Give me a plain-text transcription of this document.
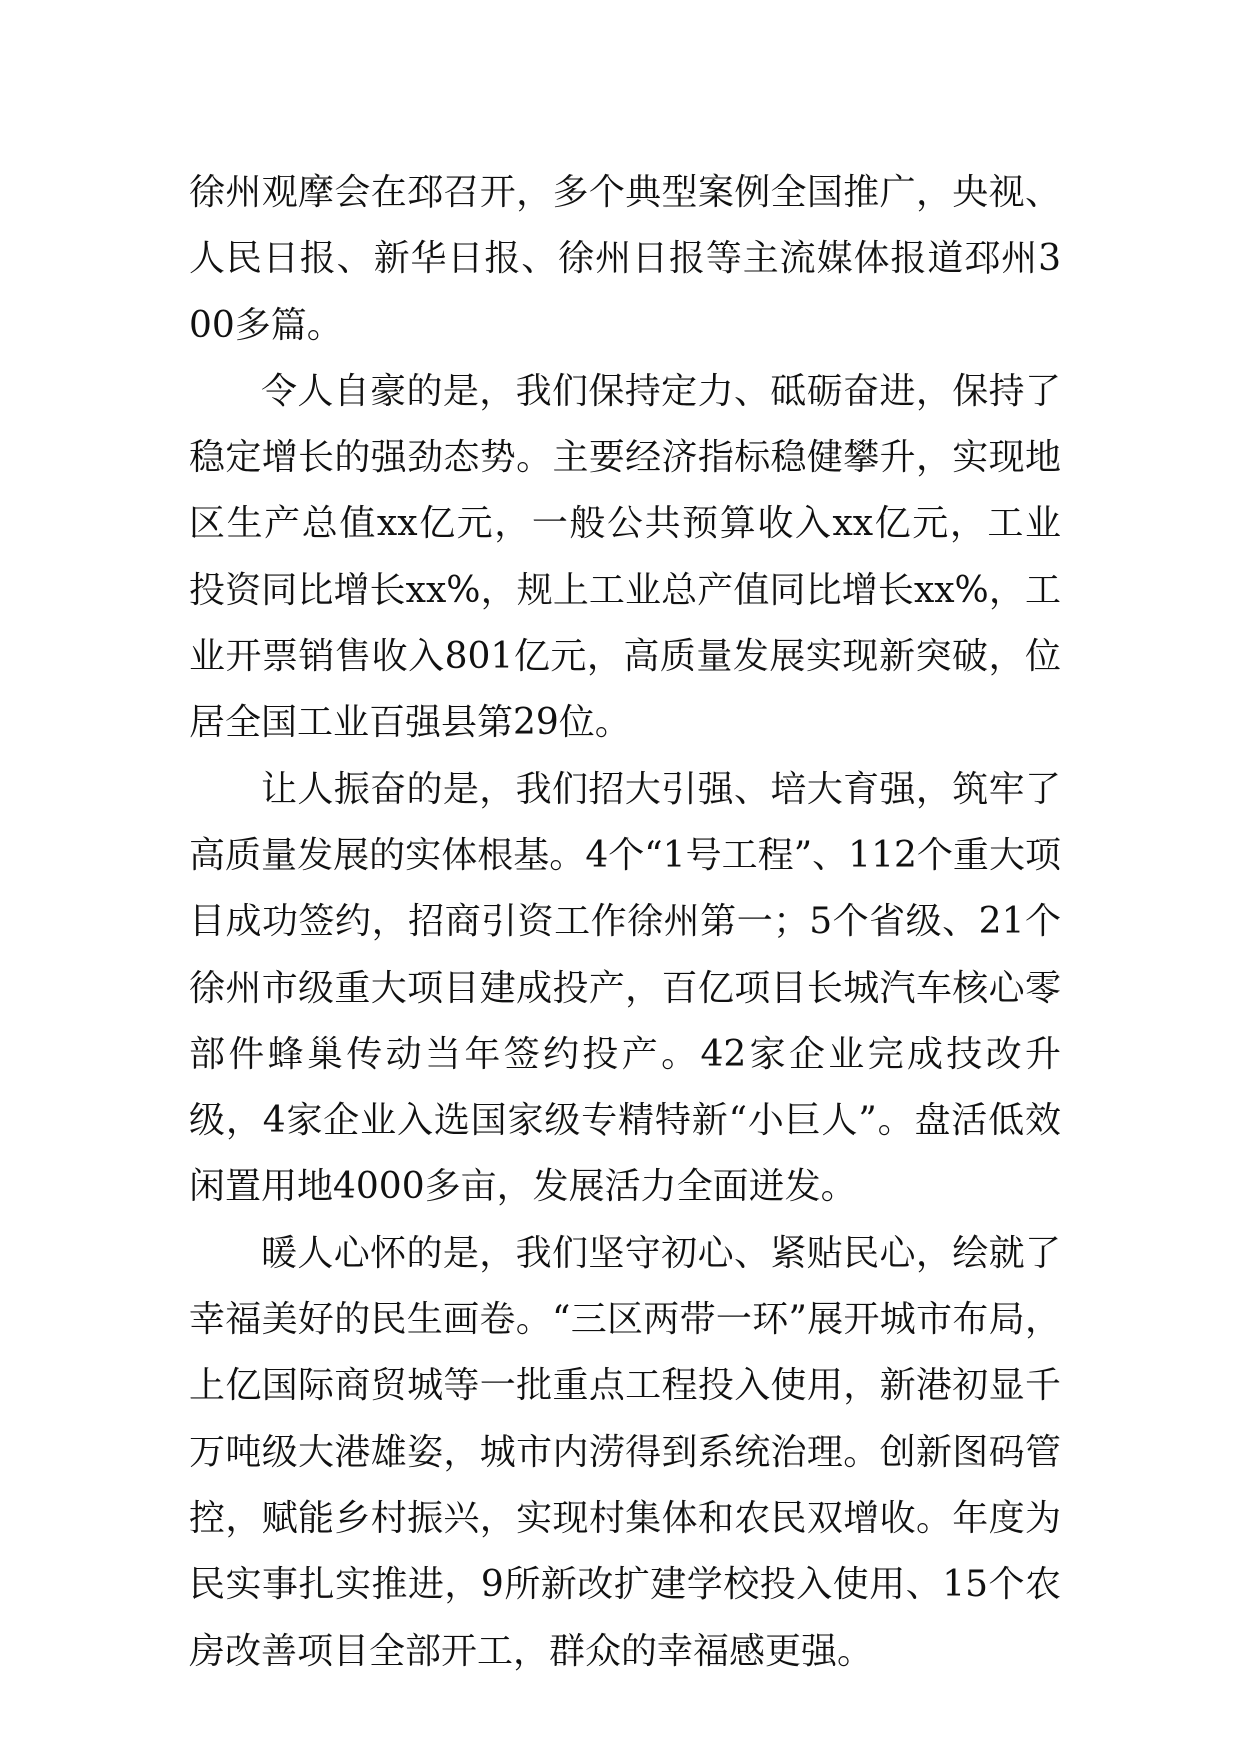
徐州观摩会在邳召开，多个典型案例全国推广，央视、人民日报、新华日报、徐州日报等主流媒体报道邳州300多篇。

令人自豪的是，我们保持定力、砥砺奋进，保持了稳定增长的强劲态势。主要经济指标稳健攀升，实现地区生产总值xx亿元，一般公共预算收入xx亿元，工业投资同比增长xx%，规上工业总产值同比增长xx%，工业开票销售收入801亿元，高质量发展实现新突破，位居全国工业百强县第29位。

让人振奋的是，我们招大引强、培大育强，筑牢了高质量发展的实体根基。4个“1号工程”、112个重大项目成功签约，招商引资工作徐州第一；5个省级、21个徐州市级重大项目建成投产，百亿项目长城汽车核心零部件蜂巢传动当年签约投产。42家企业完成技改升级，4家企业入选国家级专精特新“小巨人”。盘活低效闲置用地4000多亩，发展活力全面迸发。

暖人心怀的是，我们坚守初心、紧贴民心，绘就了幸福美好的民生画卷。“三区两带一环”展开城市布局，上亿国际商贸城等一批重点工程投入使用，新港初显千万吨级大港雄姿，城市内涝得到系统治理。创新图码管控，赋能乡村振兴，实现村集体和农民双增收。年度为民实事扎实推进，9所新改扩建学校投入使用、15个农房改善项目全部开工，群众的幸福感更强。
